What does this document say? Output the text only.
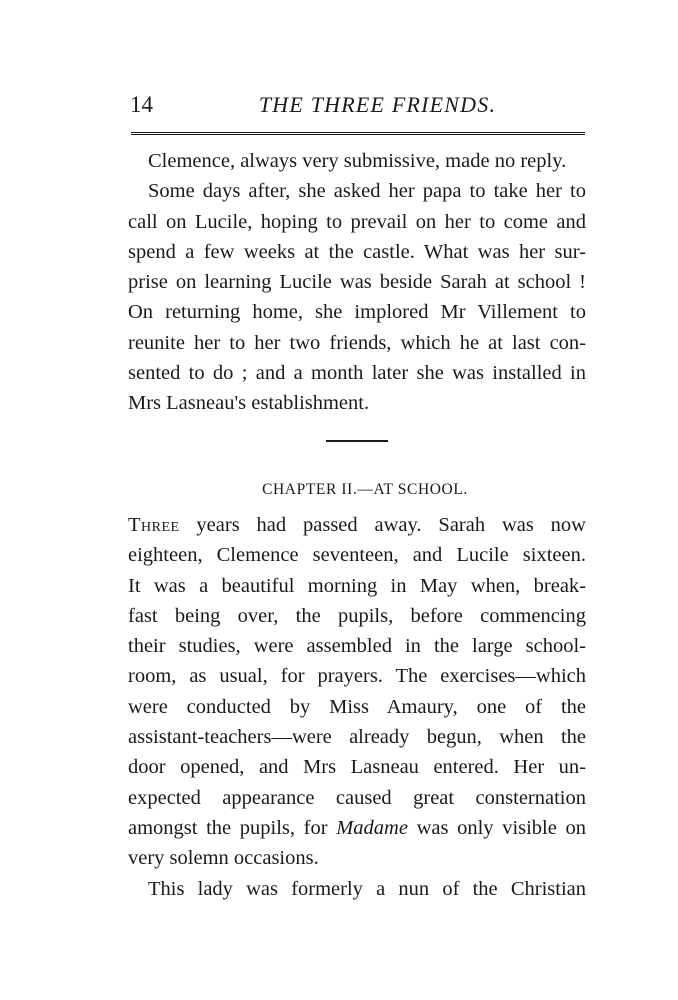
14	THE THREE FRIENDS.

Clemence, always very submissive, made no reply.

Some days after, she asked her papa to take her to
call on Lucile, hoping to prevail on her to come and
spend a few weeks at the castle. What was her sur-
prise on learning Lucile was beside Sarah at school !
On returning home, she implored Mr Villement to
reunite her to her two friends, which he at last con-
sented to do ; and a month later she was installed in
Mrs Lasneau's establishment.

CHAPTER II.—AT SCHOOL.

Three years had passed away. Sarah was now
eighteen, Clemence seventeen, and Lucile sixteen.
It was a beautiful morning in May when, break-
fast being over, the pupils, before commencing
their studies, were assembled in the large school-
room, as usual, for prayers. The exercises—which
were conducted by Miss Amaury, one of the
assistant-teachers—were already begun, when the
door opened, and Mrs Lasneau entered. Her un-
expected appearance caused great consternation
amongst the pupils, for Madame was only visible on
very solemn occasions.

This lady was formerly a nun of the Christian
